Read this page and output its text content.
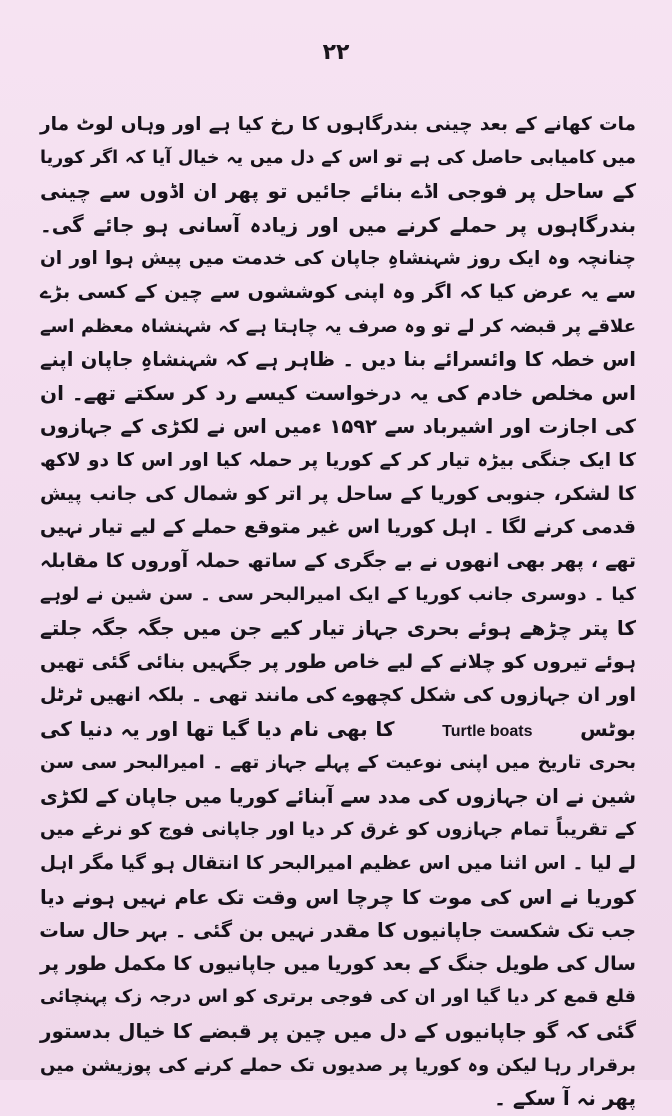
۲۲
مات کھانے کے بعد چینی بندرگاہوں کا رخ کیا ہے اور وہاں لوٹ مار
میں کامیابی حاصل کی ہے تو اس کے دل میں یہ خیال آیا کہ اگر کوریا
کے ساحل پر فوجی اڈے بنائے جائیں تو پھر ان اڈوں سے چینی
بندرگاہوں پر حملے کرنے میں اور زیادہ آسانی ہو جائے گی۔
چنانچہ وہ ایک روز شہنشاہِ جاپان کی خدمت میں پیش ہوا اور ان
سے یہ عرض کیا کہ اگر وہ اپنی کوششوں سے چین کے کسی بڑے
علاقے پر قبضہ کر لے تو وہ صرف یہ چاہتا ہے کہ شہنشاہ معظم اسے
اس خطہ کا وائسرائے بنا دیں ۔ ظاہر ہے کہ شہنشاہِ جاپان اپنے
اس مخلص خادم کی یہ درخواست کیسے رد کر سکتے تھے۔ ان
کی اجازت اور اشیرباد سے ۱۵۹۲ ءمیں اس نے لکڑی کے جہازوں
کا ایک جنگی بیڑہ تیار کر کے کوریا پر حملہ کیا اور اس کا دو لاکھ
کا لشکر، جنوبی کوریا کے ساحل پر اتر کو شمال کی جانب پیش
قدمی کرنے لگا ۔ اہل کوریا اس غیر متوقع حملے کے لیے تیار نہیں
تھے ، پھر بھی انھوں نے بے جگری کے ساتھ حملہ آوروں کا مقابلہ
کیا ۔ دوسری جانب کوریا کے ایک امیرالبحر سی ۔ سن شین نے لوہے
کا پتر چڑھے ہوئے بحری جہاز تیار کیے جن میں جگہ جگہ جلتے
ہوئے تیروں کو چلانے کے لیے خاص طور پر جگہیں بنائی گئی تھیں
اور ان جہازوں کی شکل کچھوے کی مانند تھی ۔ بلکہ انھیں ٹرٹل
بوٹس Turtle boats کا بھی نام دیا گیا تھا اور یہ دنیا کی
بحری تاریخ میں اپنی نوعیت کے پہلے جہاز تھے ۔ امیرالبحر سی سن
شین نے ان جہازوں کی مدد سے آبنائے کوریا میں جاپان کے لکڑی
کے تقریباً تمام جہازوں کو غرق کر دیا اور جاپانی فوج کو نرغے میں
لے لیا ۔ اس اثنا میں اس عظیم امیرالبحر کا انتقال ہو گیا مگر اہل
کوریا نے اس کی موت کا چرچا اس وقت تک عام نہیں ہونے دیا
جب تک شکست جاپانیوں کا مقدر نہیں بن گئی ۔ بہر حال سات
سال کی طویل جنگ کے بعد کوریا میں جاپانیوں کا مکمل طور پر
قلع قمع کر دیا گیا اور ان کی فوجی برتری کو اس درجہ زک پہنچائی
گئی کہ گو جاپانیوں کے دل میں چین پر قبضے کا خیال بدستور
برقرار رہا لیکن وہ کوریا پر صدیوں تک حملے کرنے کی پوزیشن میں
پھر نہ آ سکے ۔
